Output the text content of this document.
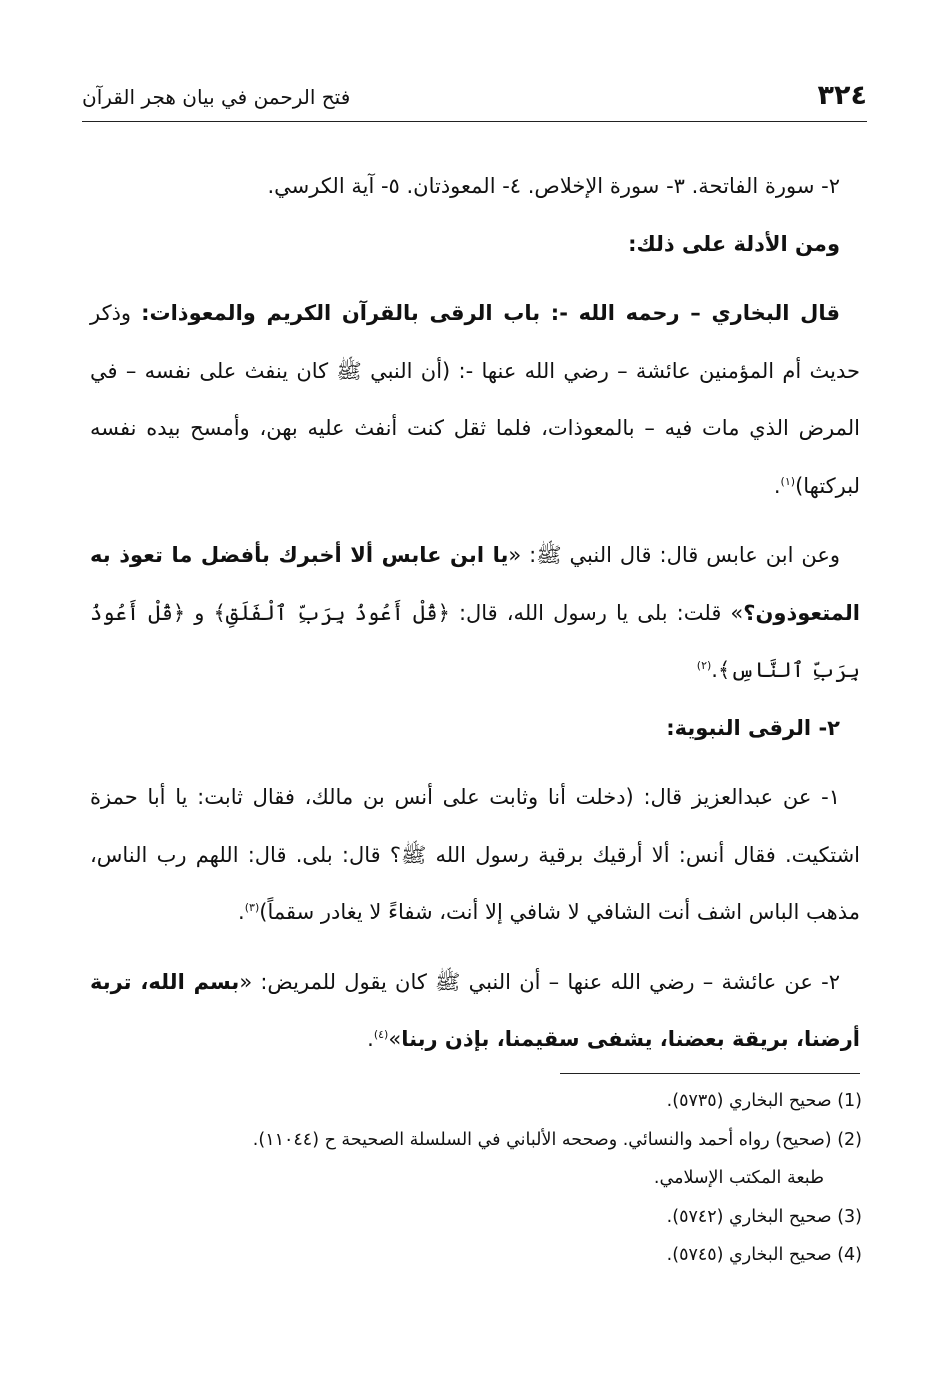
٣٢٤
فتح الرحمن في بيان هجر القرآن

٢- سورة الفاتحة. ٣- سورة الإخلاص. ٤- المعوذتان. ٥- آية الكرسي.

ومن الأدلة على ذلك:

قال البخاري – رحمه الله -: باب الرقى بالقرآن الكريم والمعوذات: وذكر حديث أم المؤمنين عائشة – رضي الله عنها -: (أن النبي ﷺ كان ينفث على نفسه – في المرض الذي مات فيه – بالمعوذات، فلما ثقل كنت أنفث عليه بهن، وأمسح بيده نفسه لبركتها)$^{(١)}$.

وعن ابن عابس قال: قال النبي ﷺ: «يا ابن عابس ألا أخبرك بأفضل ما تعوذ به المتعوذون؟» قلت: بلى يا رسول الله، قال: ﴿قُلْ أَعُوذُ بِرَبِّ ٱلْفَلَقِ﴾ و ﴿قُلْ أَعُوذُ بِرَبِّ ٱلنَّاسِ﴾.$^{(٢)}$

٢- الرقى النبوية:

١- عن عبدالعزيز قال: (دخلت أنا وثابت على أنس بن مالك، فقال ثابت: يا أبا حمزة اشتكيت. فقال أنس: ألا أرقيك برقية رسول الله ﷺ؟ قال: بلى. قال: اللهم رب الناس، مذهب الباس اشف أنت الشافي لا شافي إلا أنت، شفاءً لا يغادر سقماً)$^{(٣)}$.

٢- عن عائشة – رضي الله عنها – أن النبي ﷺ كان يقول للمريض: «بسم الله، تربة أرضنا، بريقة بعضنا، يشفى سقيمنا، بإذن ربنا»$^{(٤)}$.

(1) صحيح البخاري (٥٧٣٥).

(2) (صحيح) رواه أحمد والنسائي. وصححه الألباني في السلسلة الصحيحة ح (١١٠٤٤).
طبعة المكتب الإسلامي.

(3) صحيح البخاري (٥٧٤٢).

(4) صحيح البخاري (٥٧٤٥).
